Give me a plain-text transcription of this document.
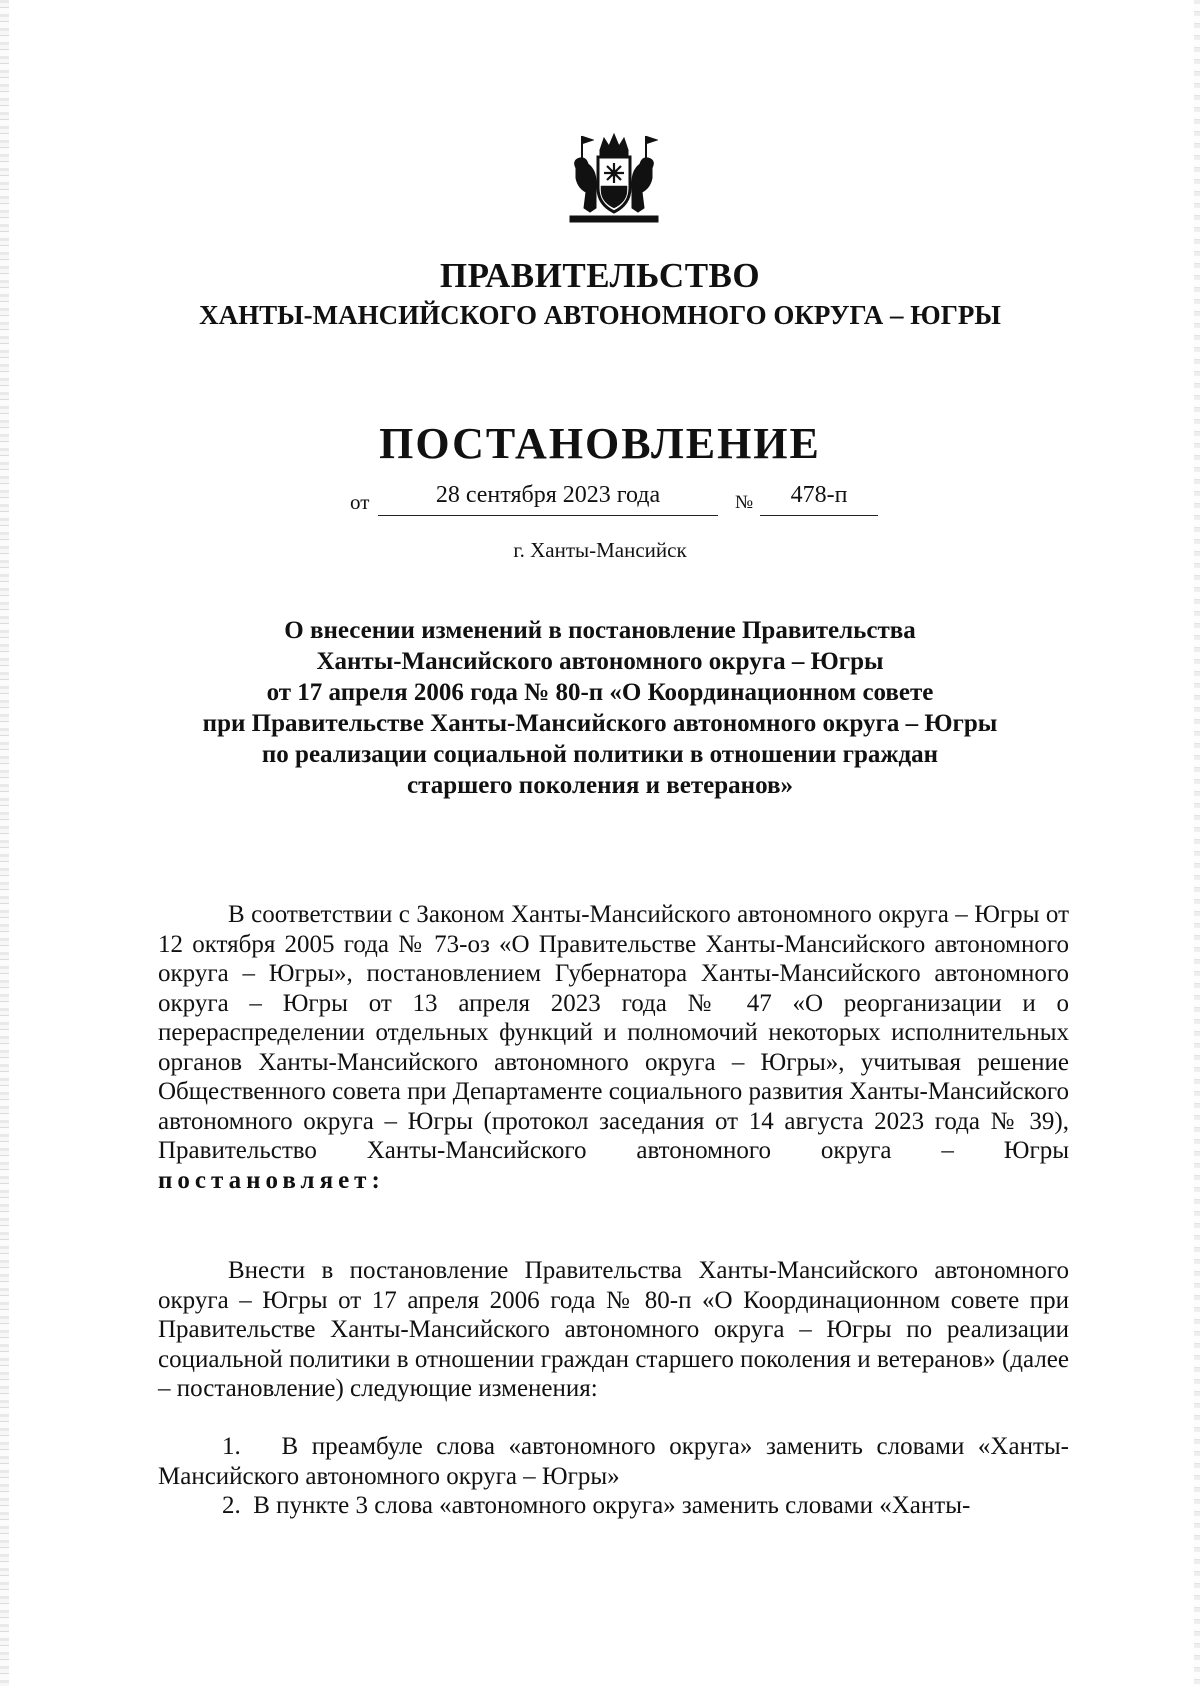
ПРАВИТЕЛЬСТВО
ХАНТЫ-МАНСИЙСКОГО АВТОНОМНОГО ОКРУГА – ЮГРЫ
ПОСТАНОВЛЕНИЕ
от	28 сентября 2023 года	№	478-п
г. Ханты-Мансийск
О внесении изменений в постановление Правительства
Ханты-Мансийского автономного округа – Югры
от 17 апреля 2006 года № 80-п «О Координационном совете
при Правительстве Ханты-Мансийского автономного округа – Югры
по реализации социальной политики в отношении граждан
старшего поколения и ветеранов»

В соответствии с Законом Ханты-Мансийского автономного округа – Югры от 12 октября 2005 года № 73-оз «О Правительстве Ханты-Мансийского автономного округа – Югры», постановлением Губернатора Ханты-Мансийского автономного округа – Югры от 13 апреля 2023 года № 47 «О реорганизации и о перераспределении отдельных функций и полномочий некоторых исполнительных органов Ханты-Мансийского автономного округа – Югры», учитывая решение Общественного совета при Департаменте социального развития Ханты-Мансийского автономного округа – Югры (протокол заседания от 14 августа 2023 года № 39), Правительство Ханты-Мансийского автономного округа – Югры постановляет:

Внести в постановление Правительства Ханты-Мансийского автономного округа – Югры от 17 апреля 2006 года № 80-п «О Координационном совете при Правительстве Ханты-Мансийского автономного округа – Югры по реализации социальной политики в отношении граждан старшего поколения и ветеранов» (далее – постановление) следующие изменения:

1. В преамбуле слова «автономного округа» заменить словами «Ханты-Мансийского автономного округа – Югры»

2. В пункте 3 слова «автономного округа» заменить словами «Ханты-
